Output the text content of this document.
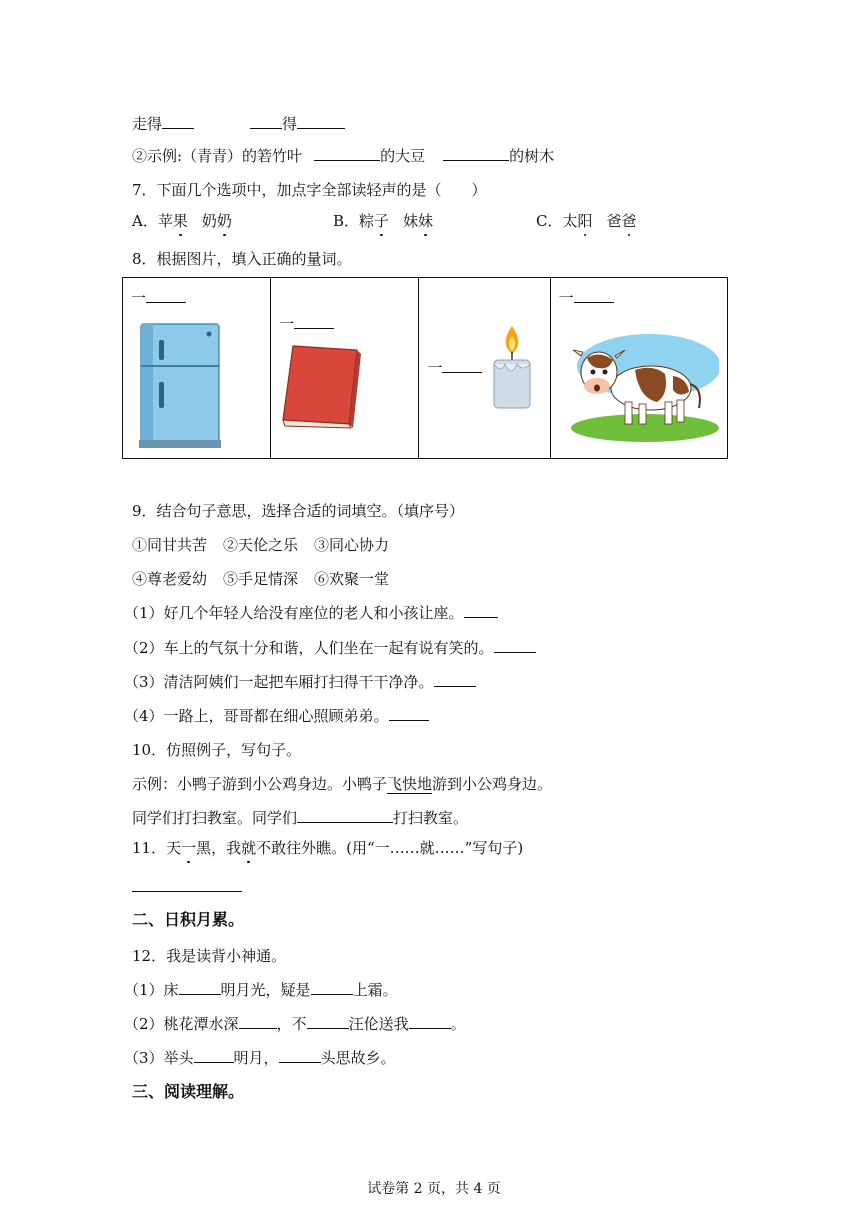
走得	得
②示例:（青青）的箬竹叶	的大豆	的树木
7．下面几个选项中，加点字全部读轻声的是（　　）
A．苹果 奶奶	B．粽子 妹妹	C．太阳 爸爸
8．根据图片，填入正确的量词。
一

一

一

一
9．结合句子意思，选择合适的词填空。（填序号）
①同甘共苦 ②天伦之乐 ③同心协力
④尊老爱幼 ⑤手足情深 ⑥欢聚一堂
（1）好几个年轻人给没有座位的老人和小孩让座。
（2）车上的气氛十分和谐，人们坐在一起有说有笑的。
（3）清洁阿姨们一起把车厢打扫得干干净净。
（4）一路上，哥哥都在细心照顾弟弟。
10．仿照例子，写句子。
示例：小鸭子游到小公鸡身边。小鸭子飞快地游到小公鸡身边。
同学们打扫教室。同学们	打扫教室。
11．天一黑，我就不敢往外瞧。(用“一……就……”写句子)
二、日积月累。
12．我是读背小神通。
（1）床	明月光，疑是	上霜。
（2）桃花潭水深	，不	汪伦送我	。
（3）举头	明月，	头思故乡。
三、阅读理解。
试卷第 2 页，共 4 页
